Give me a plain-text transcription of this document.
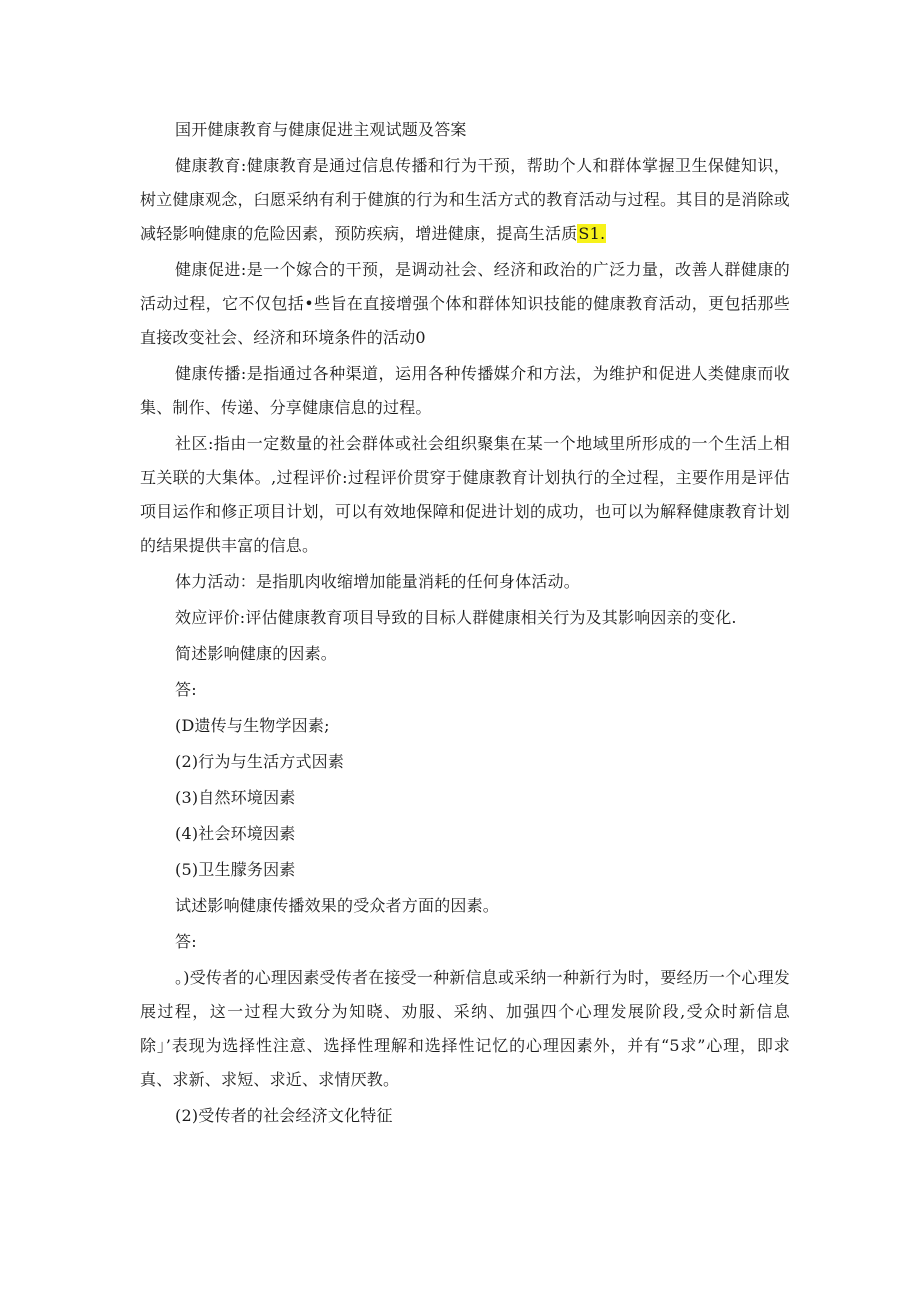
国开健康教育与健康促进主观试题及答案

健康教育:健康教育是通过信息传播和行为干预，帮助个人和群体掌握卫生保健知识，树立健康观念，臼愿采纳有利于健旗的行为和生活方式的教育活动与过程。其目的是消除或减轻影响健康的危险因素，预防疾病，增进健康，提高生活质S1.

健康促进:是一个嫁合的干预，是调动社会、经济和政治的广泛力量，改善人群健康的活动过程，它不仅包括•些旨在直接增强个体和群体知识技能的健康教育活动，更包括那些直接改变社会、经济和环境条件的活动0

健康传播:是指通过各种渠道，运用各种传播媒介和方法，为维护和促进人类健康而收集、制作、传递、分享健康信息的过程。

社区:指由一定数量的社会群体或社会组织聚集在某一个地域里所形成的一个生活上相互关联的大集体。,过程评价:过程评价贯穿于健康教育计划执行的全过程，主要作用是评估项目运作和修正项目计划，可以有效地保障和促进计划的成功，也可以为解释健康教育计划的结果提供丰富的信息。

体力活动：是指肌肉收缩增加能量消耗的任何身体活动。

效应评价:评估健康教育项目导致的目标人群健康相关行为及其影响因亲的变化.

简述影响健康的因素。

答:

(D遗传与生物学因素;

(2)行为与生活方式因素

(3)自然环境因素

(4)社会环境因素

(5)卫生朦务因素

试述影响健康传播效果的受众者方面的因素。

答:

。)受传者的心理因素受传者在接受一种新信息或采纳一种新行为时，要经历一个心理发展过程，这一过程大致分为知晓、劝服、采纳、加强四个心理发展阶段,受众时新信息除」’表现为选择性注意、选择性理解和选择性记忆的心理因素外，并有“5求”心理，即求真、求新、求短、求近、求情厌教。

(2)受传者的社会经济文化特征
